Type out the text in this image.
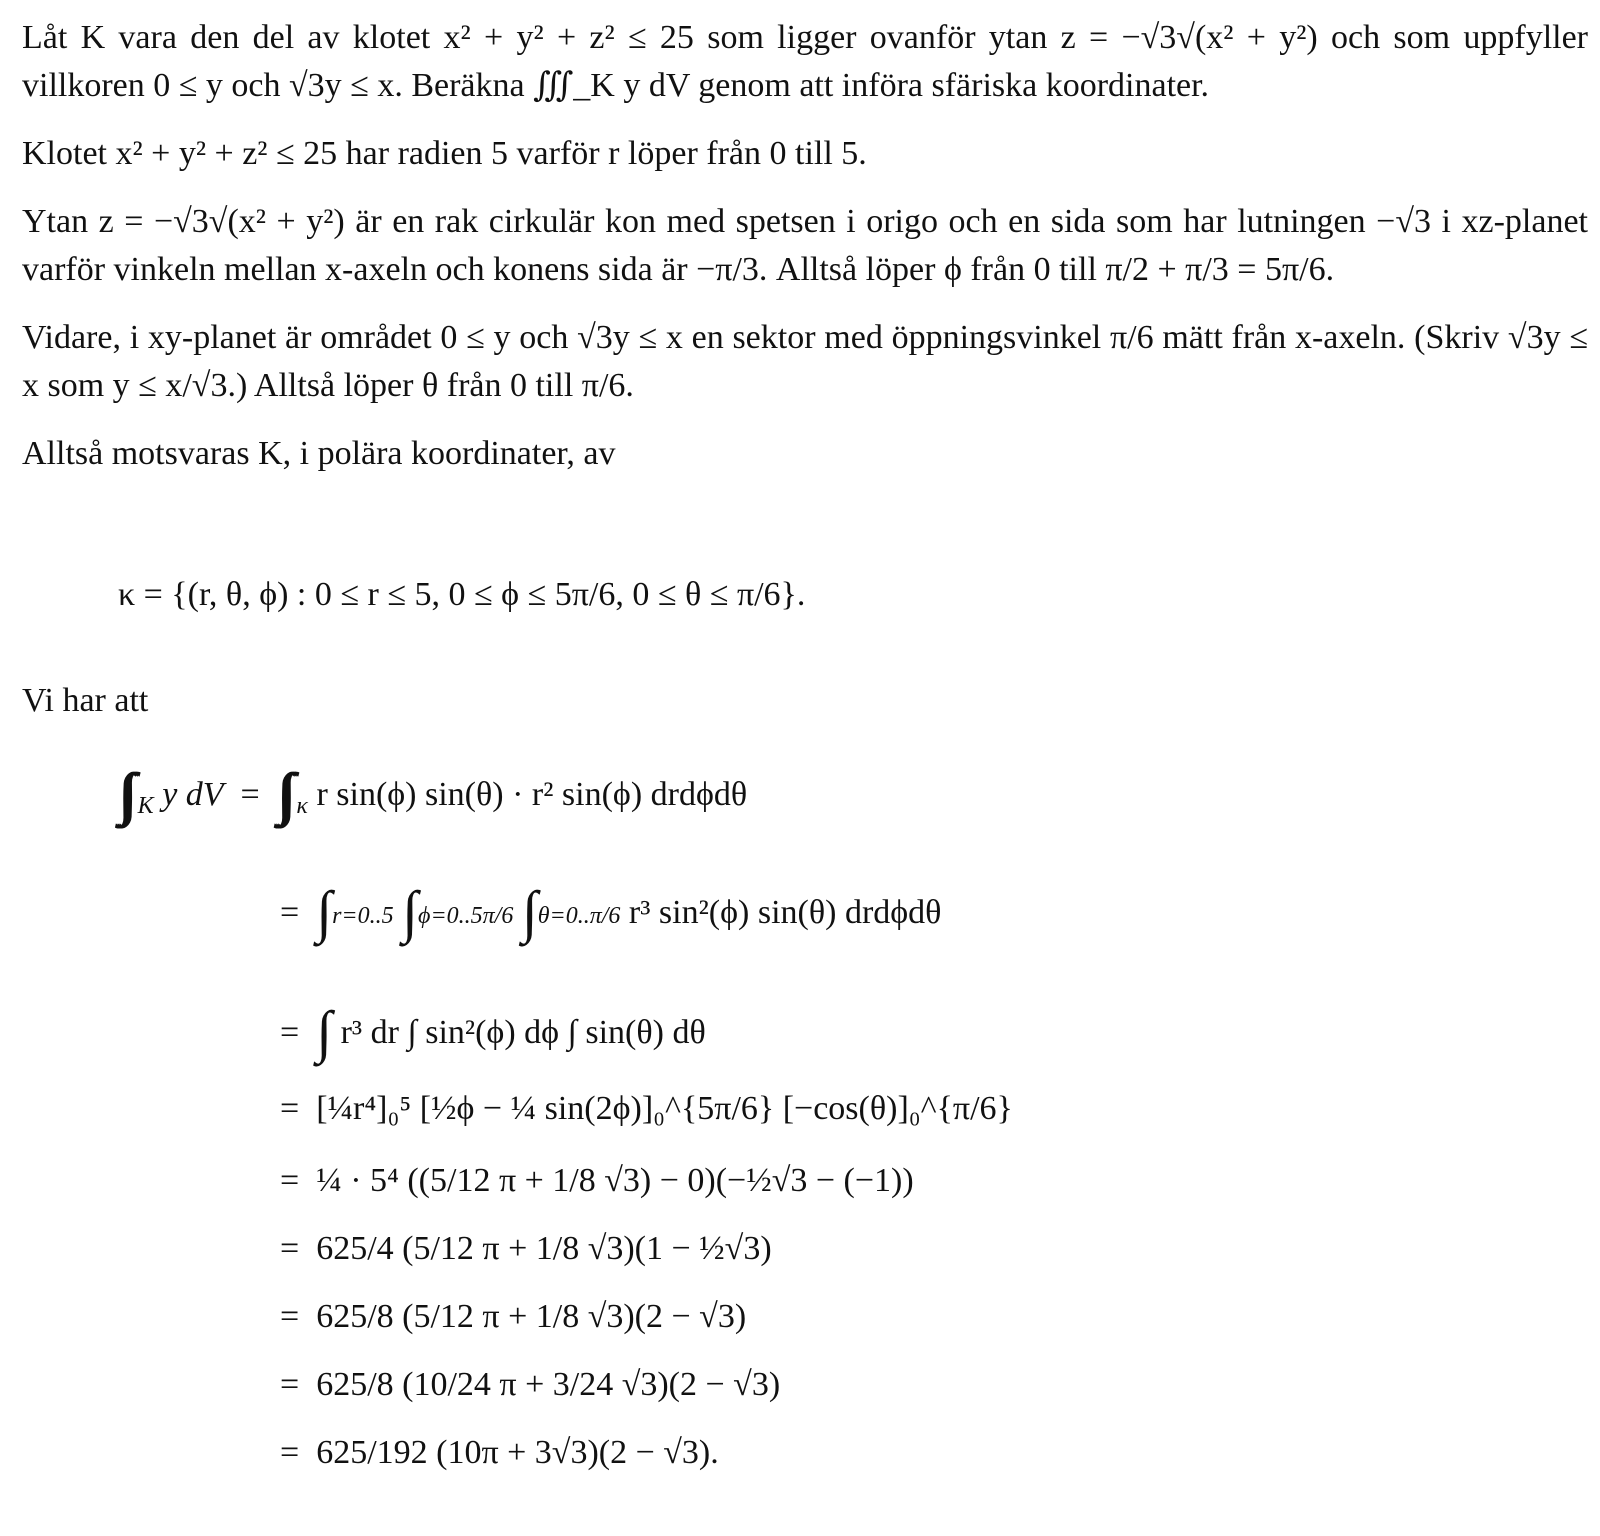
Låt K vara den del av klotet x² + y² + z² ≤ 25 som ligger ovanför ytan z = −√3√(x² + y²) och som uppfyller villkoren 0 ≤ y och √3y ≤ x. Beräkna ∭_K y dV genom att införa sfäriska koordinater.

Klotet x² + y² + z² ≤ 25 har radien 5 varför r löper från 0 till 5.

Ytan z = −√3√(x² + y²) är en rak cirkulär kon med spetsen i origo och en sida som har lutningen −√3 i xz-planet varför vinkeln mellan x-axeln och konens sida är −π/3. Alltså löper ϕ från 0 till π/2 + π/3 = 5π/6.

Vidare, i xy-planet är området 0 ≤ y och √3y ≤ x en sektor med öppningsvinkel π/6 mätt från x-axeln. (Skriv √3y ≤ x som y ≤ x/√3.) Alltså löper θ från 0 till π/6.

Alltså motsvaras K, i polära koordinater, av

κ = {(r, θ, ϕ) : 0 ≤ r ≤ 5, 0 ≤ ϕ ≤ 5π/6, 0 ≤ θ ≤ π/6}.
Vi har att
∫∫∫ $_K$ y dV  =  ∫∫∫ $_\kappa$ r sin(ϕ) sin(θ) · r² sin(ϕ) drdϕdθ
=  ∫ r=0..5 ∫ ϕ=0..5π/6 ∫ θ=0..π/6 r³ sin²(ϕ) sin(θ) drdϕdθ
=  ∫ r³ dr ∫ sin²(ϕ) dϕ ∫ sin(θ) dθ
=  [¼r⁴]₀⁵ [½ϕ − ¼ sin(2ϕ)]₀^{5π/6} [−cos(θ)]₀^{π/6}
=  ¼ · 5⁴ ((5/12 π + 1/8 √3) − 0)(−½√3 − (−1))
=  625/4 (5/12 π + 1/8 √3)(1 − ½√3)
=  625/8 (5/12 π + 1/8 √3)(2 − √3)
=  625/8 (10/24 π + 3/24 √3)(2 − √3)
=  625/192 (10π + 3√3)(2 − √3).
